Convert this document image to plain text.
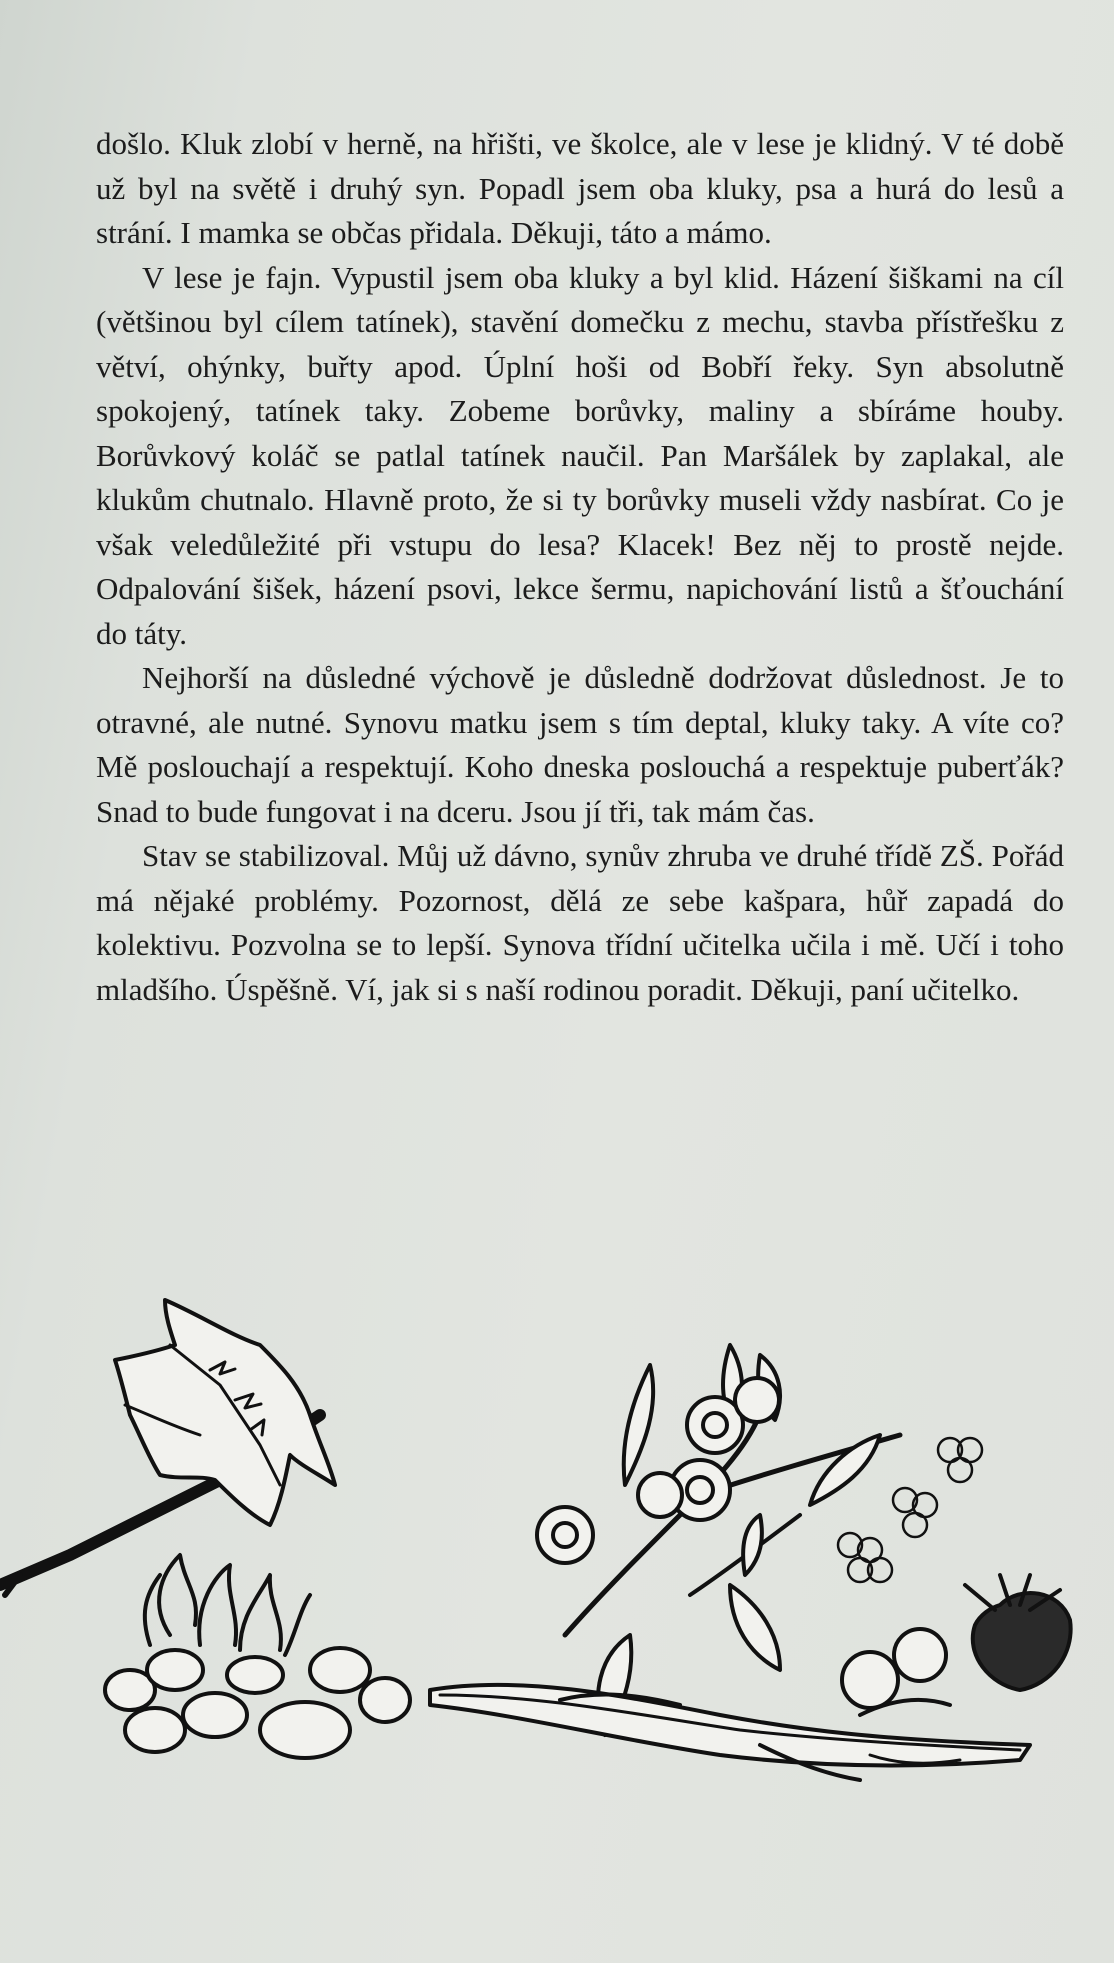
došlo. Kluk zlobí v herně, na hřišti, ve školce, ale v lese je klidný. V té době už byl na světě i druhý syn. Popadl jsem oba kluky, psa a hurá do lesů a strání. I mamka se občas přidala. Děkuji, táto a mámo.

V lese je fajn. Vypustil jsem oba kluky a byl klid. Házení šiškami na cíl (většinou byl cílem tatínek), stavění domečku z mechu, stavba přístřešku z větví, ohýnky, buřty apod. Úplní hoši od Bobří řeky. Syn absolutně spokojený, tatínek taky. Zobeme borůvky, maliny a sbíráme houby. Borůvkový koláč se patlal tatínek naučil. Pan Maršálek by zaplakal, ale klukům chutnalo. Hlavně proto, že si ty borůvky museli vždy nasbírat. Co je však veledůležité při vstupu do lesa? Klacek! Bez něj to prostě nejde. Odpalování šišek, házení psovi, lekce šermu, napichování listů a šťouchání do táty.

Nejhorší na důsledné výchově je důsledně dodržovat důslednost. Je to otravné, ale nutné. Synovu matku jsem s tím deptal, kluky taky. A víte co? Mě poslouchají a respektují. Koho dneska poslouchá a respektuje puberťák? Snad to bude fungovat i na dceru. Jsou jí tři, tak mám čas.

Stav se stabilizoval. Můj už dávno, synův zhruba ve druhé třídě ZŠ. Pořád má nějaké problémy. Pozornost, dělá ze sebe kašpara, hůř zapadá do kolektivu. Pozvolna se to lepší. Synova třídní učitelka učila i mě. Učí i toho mladšího. Úspěšně. Ví, jak si s naší rodinou poradit. Děkuji, paní učitelko.
